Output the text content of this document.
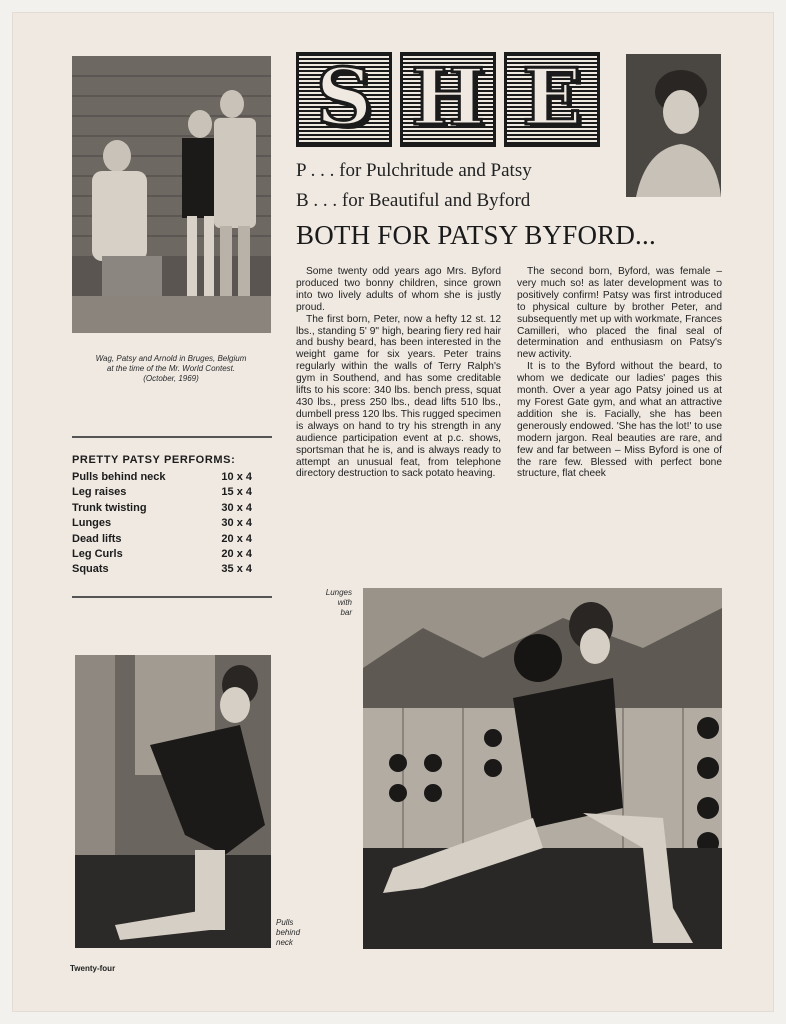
Wag, Patsy and Arnold in Bruges, Belgium
at the time of the Mr. World Contest.
(October, 1969)
S H E
P . . . for Pulchritude and Patsy
B . . . for Beautiful and Byford
BOTH FOR PATSY BYFORD...

Some twenty odd years ago Mrs. Byford produced two bonny children, since grown into two lively adults of whom she is justly proud.

The first born, Peter, now a hefty 12 st. 12 lbs., standing 5' 9" high, bearing fiery red hair and bushy beard, has been interested in the weight game for six years. Peter trains regularly within the walls of Terry Ralph's gym in Southend, and has some creditable lifts to his score: 340 lbs. bench press, squat 430 lbs., press 250 lbs., dead lifts 510 lbs., dumbell press 120 lbs. This rugged specimen is always on hand to try his strength in any audience participation event at p.c. shows, sportsman that he is, and is always ready to attempt an unusual feat, from telephone directory destruction to sack potato heaving.

The second born, Byford, was female – very much so! as later development was to positively confirm! Patsy was first introduced to physical culture by brother Peter, and subsequently met up with workmate, Frances Camilleri, who placed the final seal of determination and enthusiasm on Patsy's new activity.

It is to the Byford without the beard, to whom we dedicate our ladies' pages this month. Over a year ago Patsy joined us at my Forest Gate gym, and what an attractive addition she is. Facially, she has been generously endowed. 'She has the lot!' to use modern jargon. Real beauties are rare, and few and far between – Miss Byford is one of the rare few. Blessed with perfect bone structure, flat cheek

PRETTY PATSY PERFORMS:
Pulls behind neck	10 x 4
Leg raises	15 x 4
Trunk twisting	30 x 4
Lunges	30 x 4
Dead lifts	20 x 4
Leg Curls	20 x 4
Squats	35 x 4
Pulls
behind
neck
Lunges
with
bar
Twenty-four
